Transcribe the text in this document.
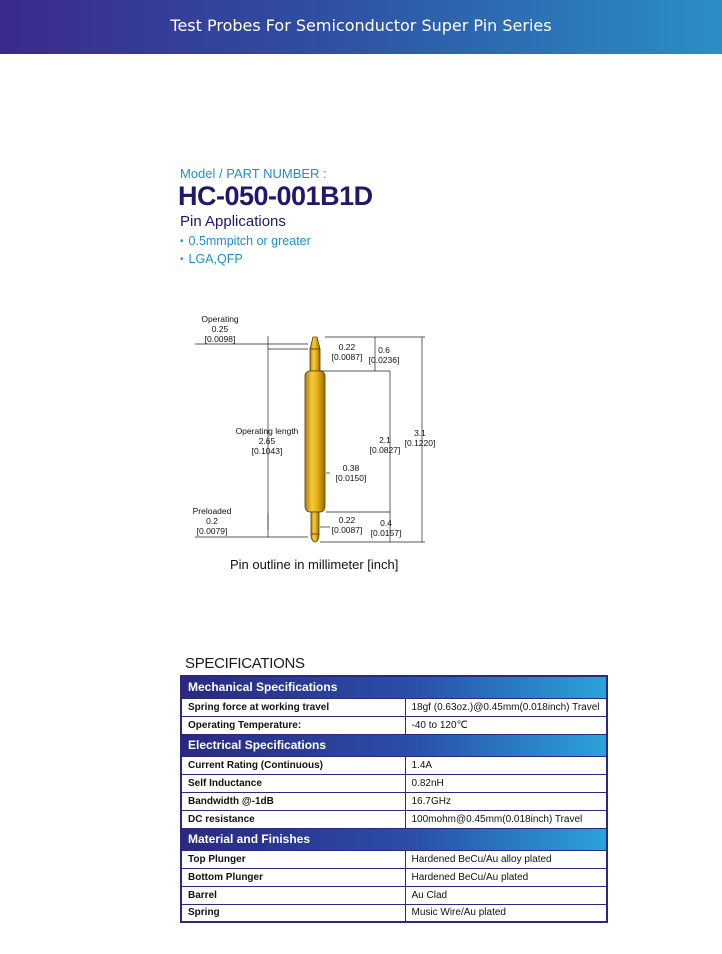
Test Probes For Semiconductor Super Pin Series
Model / PART NUMBER :
HC-050-001B1D
Pin Applications
• 0.5mmpitch or greater
• LGA,QFP
Operating
0.25
[0.0098]
0.22
[0.0087]
0.6
[0.0236]
Operating length
2.65
[0.1043]
2.1
[0.0827]
3.1
[0.1220]
0.38
[0.0150]
Preloaded
0.2
[0.0079]
0.22
[0.0087]
0.4
[0.0157]
Pin outline in millimeter [inch]
SPECIFICATIONS
Mechanical Specifications	
Spring force at working travel	18gf (0.63oz.)@0.45mm(0.018inch) Travel
Operating Temperature:	-40 to 120℃
Electrical Specifications	
Current Rating (Continuous)	1.4A
Self Inductance	0.82nH
Bandwidth @-1dB	16.7GHz
DC resistance	100mohm@0.45mm(0.018inch) Travel
Material and Finishes	
Top Plunger	Hardened BeCu/Au alloy plated
Bottom Plunger	Hardened BeCu/Au plated
Barrel	Au Clad
Spring	Music Wire/Au plated
